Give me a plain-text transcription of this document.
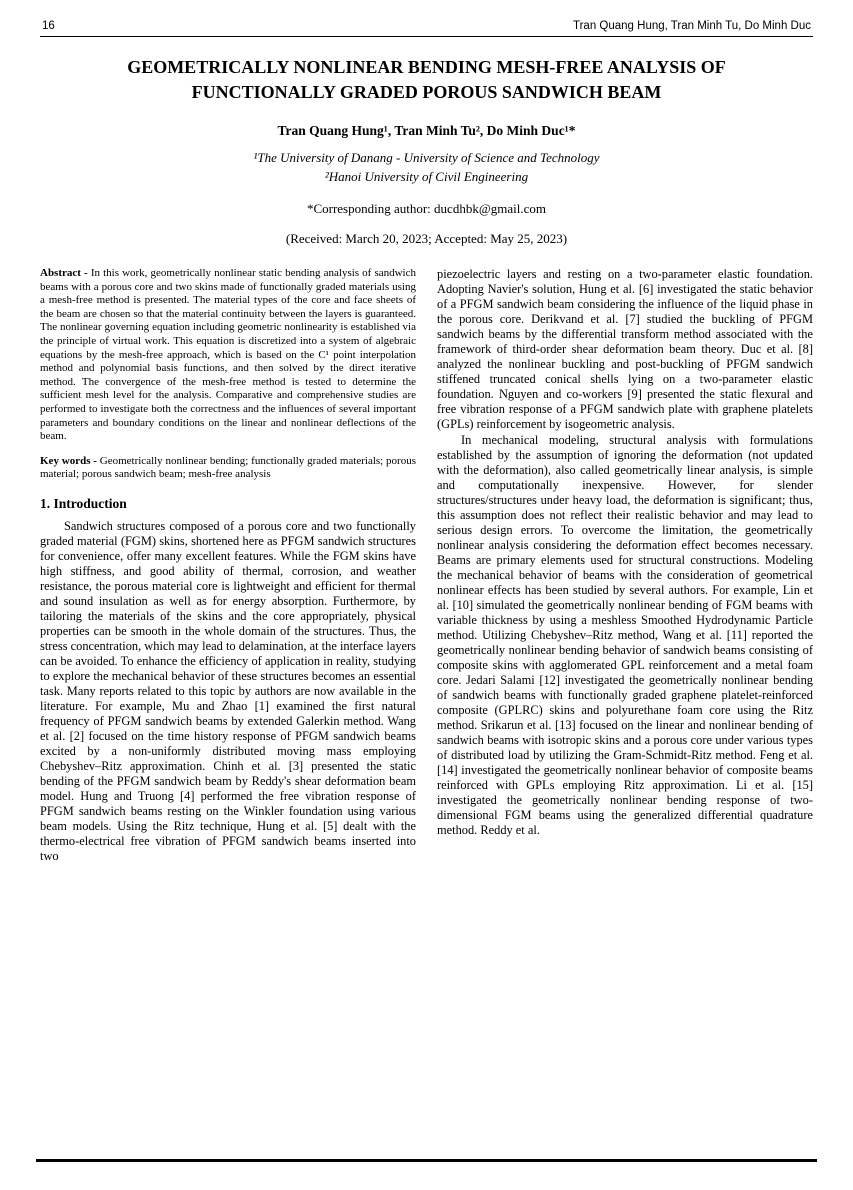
16	Tran Quang Hung, Tran Minh Tu, Do Minh Duc
GEOMETRICALLY NONLINEAR BENDING MESH-FREE ANALYSIS OF
FUNCTIONALLY GRADED POROUS SANDWICH BEAM

Tran Quang Hung¹, Tran Minh Tu², Do Minh Duc¹*

¹The University of Danang - University of Science and Technology

²Hanoi University of Civil Engineering

*Corresponding author: ducdhbk@gmail.com

(Received: March 20, 2023; Accepted: May 25, 2023)

Abstract - In this work, geometrically nonlinear static bending analysis of sandwich beams with a porous core and two skins made of functionally graded materials using a mesh-free method is presented. The material types of the core and face sheets of the beam are chosen so that the material continuity between the layers is guaranteed. The nonlinear governing equation including geometric nonlinearity is established via the principle of virtual work. This equation is discretized into a system of algebraic equations by the mesh-free approach, which is based on the C¹ point interpolation method and polynomial basis functions, and then solved by the direct iterative method. The convergence of the mesh-free method is tested to determine the sufficient mesh level for the analysis. Comparative and comprehensive studies are performed to investigate both the correctness and the influences of several important parameters and boundary conditions on the linear and nonlinear deflections of the beam.

Key words - Geometrically nonlinear bending; functionally graded materials; porous material; porous sandwich beam; mesh-free analysis

1. Introduction

Sandwich structures composed of a porous core and two functionally graded material (FGM) skins, shortened here as PFGM sandwich structures for convenience, offer many excellent features. While the FGM skins have high stiffness, and good ability of thermal, corrosion, and weather resistance, the porous material core is lightweight and efficient for thermal and sound insulation as well as for energy absorption. Furthermore, by tailoring the materials of the skins and the core appropriately, physical properties can be smooth in the whole domain of the structures. Thus, the stress concentration, which may lead to delamination, at the interface layers can be avoided. To enhance the efficiency of application in reality, studying to explore the mechanical behavior of these structures becomes an essential task. Many reports related to this topic by authors are now available in the literature. For example, Mu and Zhao [1] examined the first natural frequency of PFGM sandwich beams by extended Galerkin method. Wang et al. [2] focused on the time history response of PFGM sandwich beams excited by a non-uniformly distributed moving mass employing Chebyshev–Ritz approximation. Chinh et al. [3] presented the static bending of the PFGM sandwich beam by Reddy's shear deformation beam model. Hung and Truong [4] performed the free vibration response of PFGM sandwich beams resting on the Winkler foundation using various beam models. Using the Ritz technique, Hung et al. [5] dealt with the thermo-electrical free vibration of PFGM sandwich beams inserted into two

piezoelectric layers and resting on a two-parameter elastic foundation. Adopting Navier's solution, Hung et al. [6] investigated the static behavior of a PFGM sandwich beam considering the influence of the liquid phase in the porous core. Derikvand et al. [7] studied the buckling of PFGM sandwich beams by the differential transform method associated with the framework of third-order shear deformation beam theory. Duc et al. [8] analyzed the nonlinear buckling and post-buckling of PFGM sandwich stiffened truncated conical shells lying on a two-parameter elastic foundation. Nguyen and co-workers [9] presented the static flexural and free vibration response of a PFGM sandwich plate with graphene platelets (GPLs) reinforcement by isogeometric analysis.

In mechanical modeling, structural analysis with formulations established by the assumption of ignoring the deformation (not updated with the deformation), also called geometrically linear analysis, is simple and computationally inexpensive. However, for slender structures/structures under heavy load, the deformation is significant; thus, this assumption does not reflect their realistic behavior and may lead to serious design errors. To overcome the limitation, the geometrically nonlinear analysis considering the deformation effect becomes necessary. Beams are primary elements used for structural constructions. Modeling the mechanical behavior of beams with the consideration of geometrical nonlinear effects has been studied by several authors. For example, Lin et al. [10] simulated the geometrically nonlinear bending of FGM beams with variable thickness by using a meshless Smoothed Hydrodynamic Particle method. Utilizing Chebyshev–Ritz method, Wang et al. [11] reported the geometrically nonlinear bending behavior of sandwich beams consisting of composite skins with agglomerated GPL reinforcement and a metal foam core. Jedari Salami [12] investigated the geometrically nonlinear bending of sandwich beams with functionally graded graphene platelet-reinforced composite (GPLRC) skins and polyurethane foam core using the Ritz method. Srikarun et al. [13] focused on the linear and nonlinear bending of sandwich beams with isotropic skins and a porous core under various types of distributed load by utilizing the Gram-Schmidt-Ritz method. Feng et al. [14] investigated the geometrically nonlinear behavior of composite beams reinforced with GPLs employing Ritz approximation. Li et al. [15] investigated the geometrically nonlinear bending response of two-dimensional FGM beams using the generalized differential quadrature method. Reddy et al.
